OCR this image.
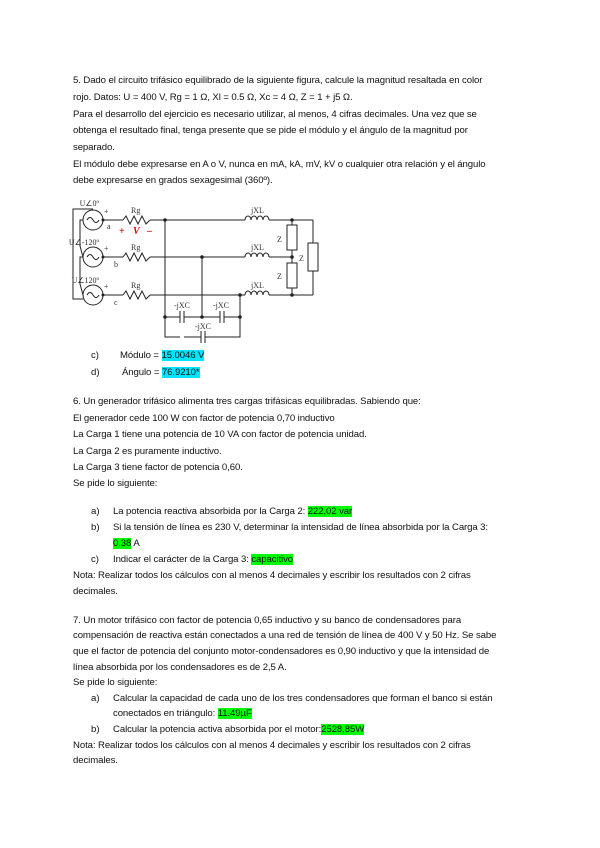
5. Dado el circuito trifásico equilibrado de la siguiente figura, calcule la magnitud resaltada en color
rojo. Datos: U = 400 V, Rg = 1 Ω, Xl = 0.5 Ω, Xc = 4 Ω, Z = 1 + j5 Ω.
Para el desarrollo del ejercicio es necesario utilizar, al menos, 4 cifras decimales. Una vez que se
obtenga el resultado final, tenga presente que se pide el módulo y el ángulo de la magnitud por
separado.
El módulo debe expresarse en A o V, nunca en mA, kA, mV, kV o cualquier otra relación y el ángulo
debe expresarse en grados sexagesimal (360º).
U∠0º
U∠-120º
U∠120º
+
+
+
Rg
Rg
Rg
a
b
c
jXL
jXL
jXL
Z
Z
Z
-jXC	-jXC
-jXC
+ V –
c) Módulo = 15.0046 V
d) Ángulo = 76.9210*
6. Un generador trifásico alimenta tres cargas trifásicas equilibradas. Sabiendo que:
El generador cede 100 W con factor de potencia 0,70 inductivo
La Carga 1 tiene una potencia de 10 VA con factor de potencia unidad.
La Carga 2 es puramente inductivo.
La Carga 3 tiene factor de potencia 0,60.
Se pide lo siguiente:
a) La potencia reactiva absorbida por la Carga 2: 222,02 var
b) Si la tensión de línea es 230 V, determinar la intensidad de línea absorbida por la Carga 3:
0.38 A
c) Indicar el carácter de la Carga 3: capacitivo
Nota: Realizar todos los cálculos con al menos 4 decimales y escribir los resultados con 2 cifras
decimales.
7. Un motor trifásico con factor de potencia 0,65 inductivo y su banco de condensadores para
compensación de reactiva están conectados a una red de tensión de línea de 400 V y 50 Hz. Se sabe
que el factor de potencia del conjunto motor-condensadores es 0,90 inductivo y que la intensidad de
línea absorbida por los condensadores es de 2,5 A.
Se pide lo siguiente:
a) Calcular la capacidad de cada uno de los tres condensadores que forman el banco si están
conectados en triángulo: 11.49µF
b) Calcular la potencia activa absorbida por el motor:2528,85W
Nota: Realizar todos los cálculos con al menos 4 decimales y escribir los resultados con 2 cifras
decimales.
